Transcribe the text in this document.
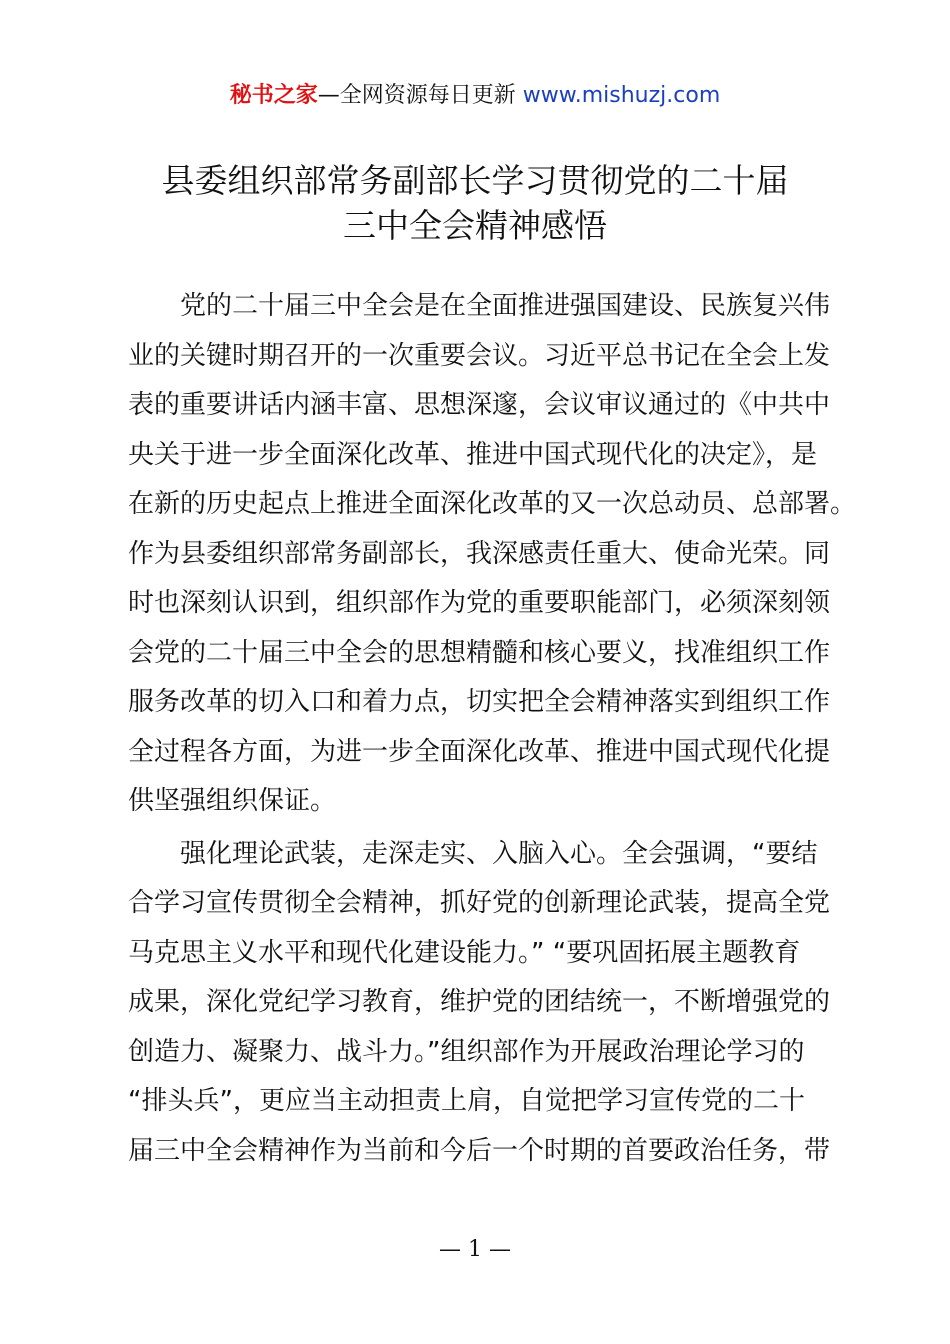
秘书之家—全网资源每日更新 www.mishuzj.com
县委组织部常务副部长学习贯彻党的二十届
三中全会精神感悟
党的二十届三中全会是在全面推进强国建设、民族复兴伟
业的关键时期召开的一次重要会议。习近平总书记在全会上发
表的重要讲话内涵丰富、思想深邃，会议审议通过的《中共中
央关于进一步全面深化改革、推进中国式现代化的决定》，是
在新的历史起点上推进全面深化改革的又一次总动员、总部署。
作为县委组织部常务副部长，我深感责任重大、使命光荣。同
时也深刻认识到，组织部作为党的重要职能部门，必须深刻领
会党的二十届三中全会的思想精髓和核心要义，找准组织工作
服务改革的切入口和着力点，切实把全会精神落实到组织工作
全过程各方面，为进一步全面深化改革、推进中国式现代化提
供坚强组织保证。
强化理论武装，走深走实、入脑入心。全会强调，“要结
合学习宣传贯彻全会精神，抓好党的创新理论武装，提高全党
马克思主义水平和现代化建设能力。” “要巩固拓展主题教育
成果，深化党纪学习教育，维护党的团结统一，不断增强党的
创造力、凝聚力、战斗力。”组织部作为开展政治理论学习的
“排头兵”，更应当主动担责上肩，自觉把学习宣传党的二十
届三中全会精神作为当前和今后一个时期的首要政治任务，带
— 1 —
